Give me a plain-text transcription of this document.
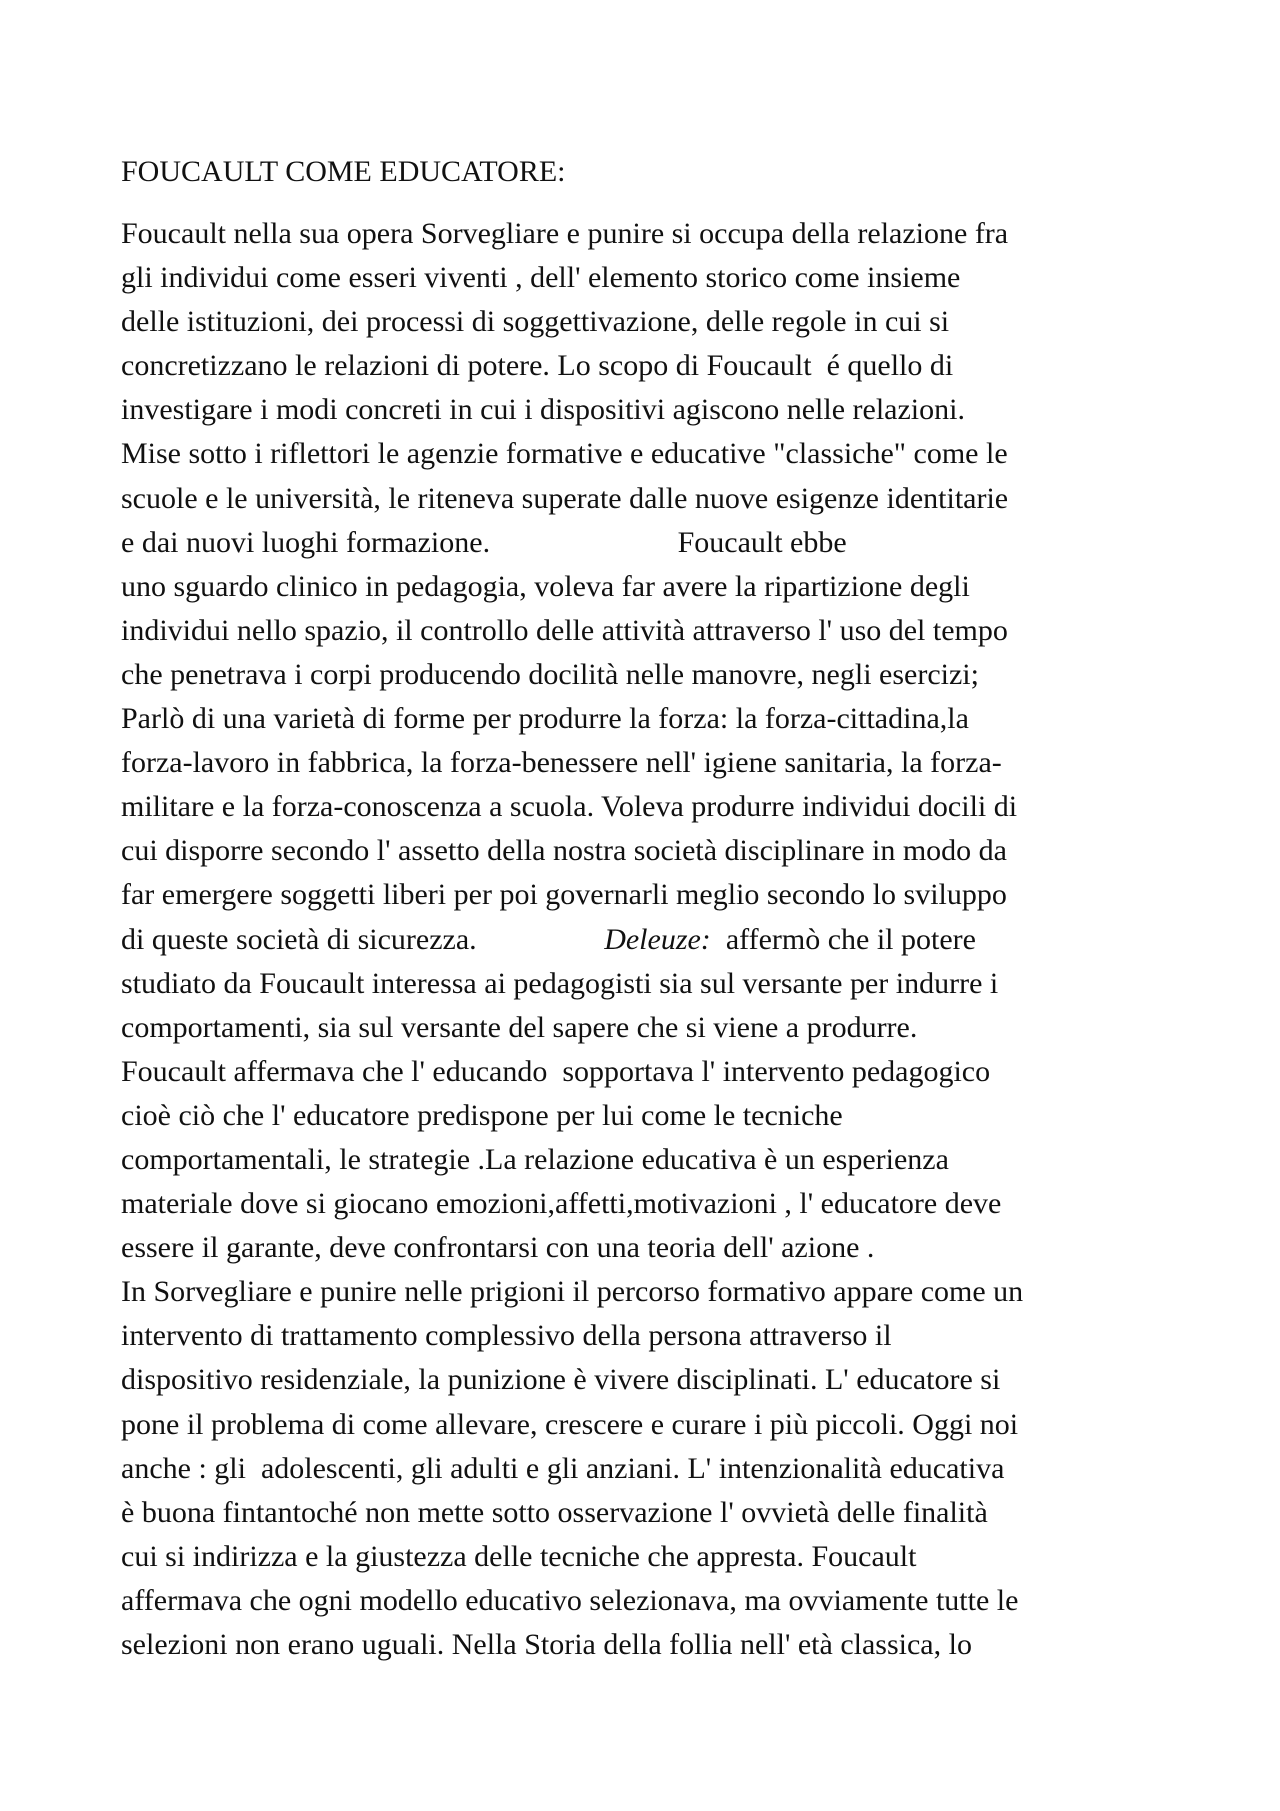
FOUCAULT COME EDUCATORE:
Foucault nella sua opera Sorvegliare e punire si occupa della relazione fra
gli individui come esseri viventi , dell' elemento storico come insieme
delle istituzioni, dei processi di soggettivazione, delle regole in cui si
concretizzano le relazioni di potere. Lo scopo di Foucault  é quello di
investigare i modi concreti in cui i dispositivi agiscono nelle relazioni.
Mise sotto i riflettori le agenzie formative e educative "classiche" come le
scuole e le università, le riteneva superate dalle nuove esigenze identitarie
e dai nuovi luoghi formazione.                         Foucault ebbe
uno sguardo clinico in pedagogia, voleva far avere la ripartizione degli
individui nello spazio, il controllo delle attività attraverso l' uso del tempo
che penetrava i corpi producendo docilità nelle manovre, negli esercizi;
Parlò di una varietà di forme per produrre la forza: la forza-cittadina,la
forza-lavoro in fabbrica, la forza-benessere nell' igiene sanitaria, la forza-
militare e la forza-conoscenza a scuola. Voleva produrre individui docili di
cui disporre secondo l' assetto della nostra società disciplinare in modo da
far emergere soggetti liberi per poi governarli meglio secondo lo sviluppo
di queste società di sicurezza.                 Deleuze:  affermò che il potere
studiato da Foucault interessa ai pedagogisti sia sul versante per indurre i
comportamenti, sia sul versante del sapere che si viene a produrre.
Foucault affermava che l' educando  sopportava l' intervento pedagogico
cioè ciò che l' educatore predispone per lui come le tecniche
comportamentali, le strategie .La relazione educativa è un esperienza
materiale dove si giocano emozioni,affetti,motivazioni , l' educatore deve
essere il garante, deve confrontarsi con una teoria dell' azione .
In Sorvegliare e punire nelle prigioni il percorso formativo appare come un
intervento di trattamento complessivo della persona attraverso il
dispositivo residenziale, la punizione è vivere disciplinati. L' educatore si
pone il problema di come allevare, crescere e curare i più piccoli. Oggi noi
anche : gli  adolescenti, gli adulti e gli anziani. L' intenzionalità educativa
è buona fintantoché non mette sotto osservazione l' ovvietà delle finalità
cui si indirizza e la giustezza delle tecniche che appresta. Foucault
affermava che ogni modello educativo selezionava, ma ovviamente tutte le
selezioni non erano uguali. Nella Storia della follia nell' età classica, lo
